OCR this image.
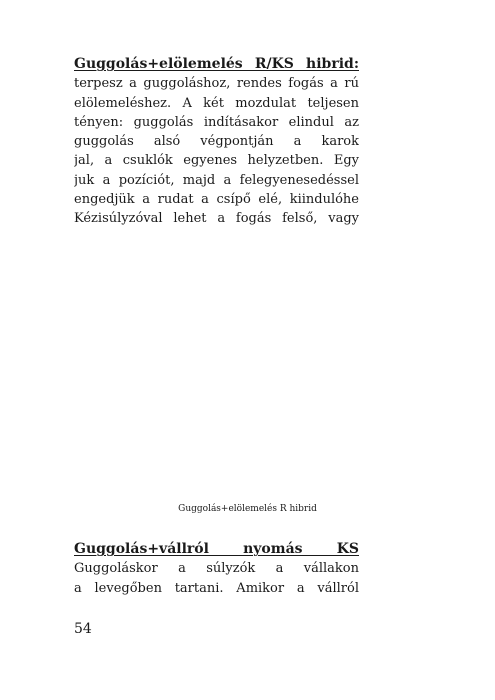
Guggolás+elölemelés R/KS hibrid:
terpesz a guggoláshoz, rendes fogás a rú
elölemeléshez. A két mozdulat teljesen
tényen: guggolás indításakor elindul az
guggolás alsó végpontján a karok
jal, a csuklók egyenes helyzetben. Egy
juk a pozíciót, majd a felegyenesedéssel
engedjük a rudat a csípő elé, kiindulóhe
Kézisúlyzóval lehet a fogás felső, vagy
Guggolás+elölemelés R hibrid
Guggolás+vállról nyomás KS
Guggoláskor a súlyzók a vállakon
a levegőben tartani. Amikor a vállról
54
